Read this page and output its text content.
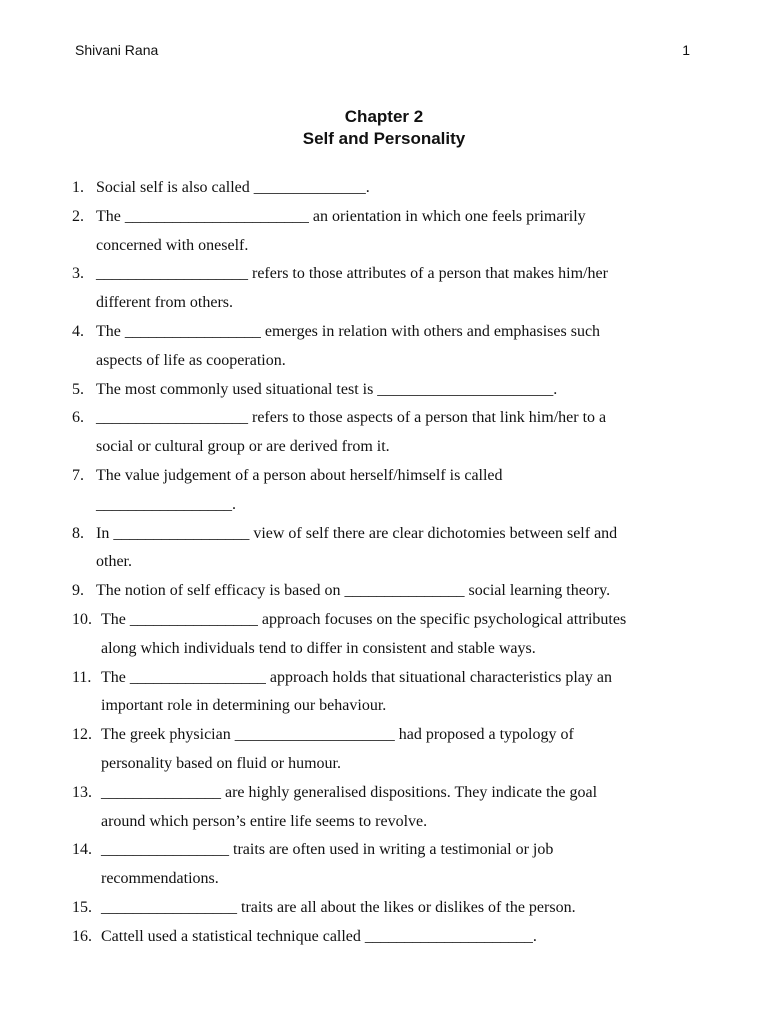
Shivani Rana	1
Chapter 2
Self and Personality
1. Social self is also called ______________.
2. The _______________________ an orientation in which one feels primarily
concerned with oneself.
3. ___________________ refers to those attributes of a person that makes him/her
different from others.
4. The _________________ emerges in relation with others and emphasises such
aspects of life as cooperation.
5. The most commonly used situational test is ______________________.
6. ___________________ refers to those aspects of a person that link him/her to a
social or cultural group or are derived from it.
7. The value judgement of a person about herself/himself is called
_________________.
8. In _________________ view of self there are clear dichotomies between self and
other.
9. The notion of self efficacy is based on _______________ social learning theory.
10. The ________________ approach focuses on the specific psychological attributes
along which individuals tend to differ in consistent and stable ways.
11. The _________________ approach holds that situational characteristics play an
important role in determining our behaviour.
12. The greek physician ____________________ had proposed a typology of
personality based on fluid or humour.
13. _______________ are highly generalised dispositions. They indicate the goal
around which person’s entire life seems to revolve.
14. ________________ traits are often used in writing a testimonial or job
recommendations.
15. _________________ traits are all about the likes or dislikes of the person.
16. Cattell used a statistical technique called _____________________.
